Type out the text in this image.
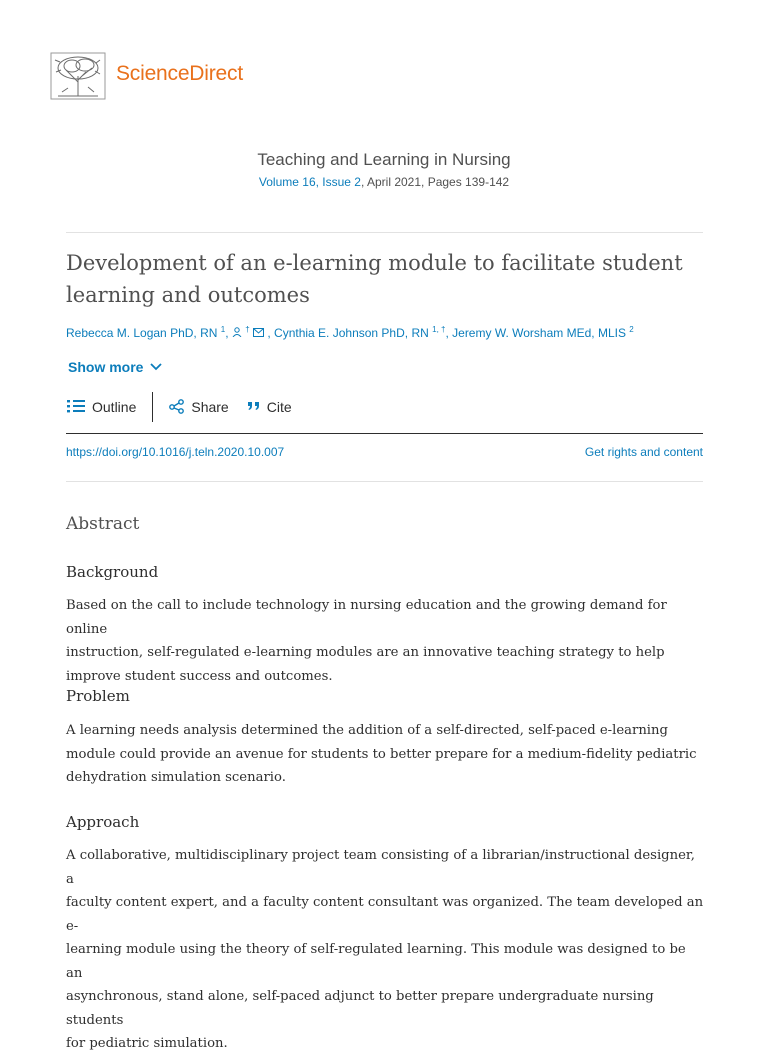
ScienceDirect
Teaching and Learning in Nursing
Volume 16, Issue 2, April 2021, Pages 139-142
Development of an e-learning module to facilitate student learning and outcomes
Rebecca M. Logan PhD, RN $^1$,  † , Cynthia E. Johnson PhD, RN $^{1, \dagger}$, Jeremy W. Worsham MEd, MLIS $^2$
Show more
Outline	Share	Cite
https://doi.org/10.1016/j.teln.2020.10.007	Get rights and content
Abstract
Background
Based on the call to include technology in nursing education and the growing demand for online
instruction, self-regulated e-learning modules are an innovative teaching strategy to help
improve student success and outcomes.
Problem
A learning needs analysis determined the addition of a self-directed, self-paced e-learning
module could provide an avenue for students to better prepare for a medium-fidelity pediatric
dehydration simulation scenario.
Approach
A collaborative, multidisciplinary project team consisting of a librarian/instructional designer, a
faculty content expert, and a faculty content consultant was organized. The team developed an e-
learning module using the theory of self-regulated learning. This module was designed to be an
asynchronous, stand alone, self-paced adjunct to better prepare undergraduate nursing students
for pediatric simulation.
